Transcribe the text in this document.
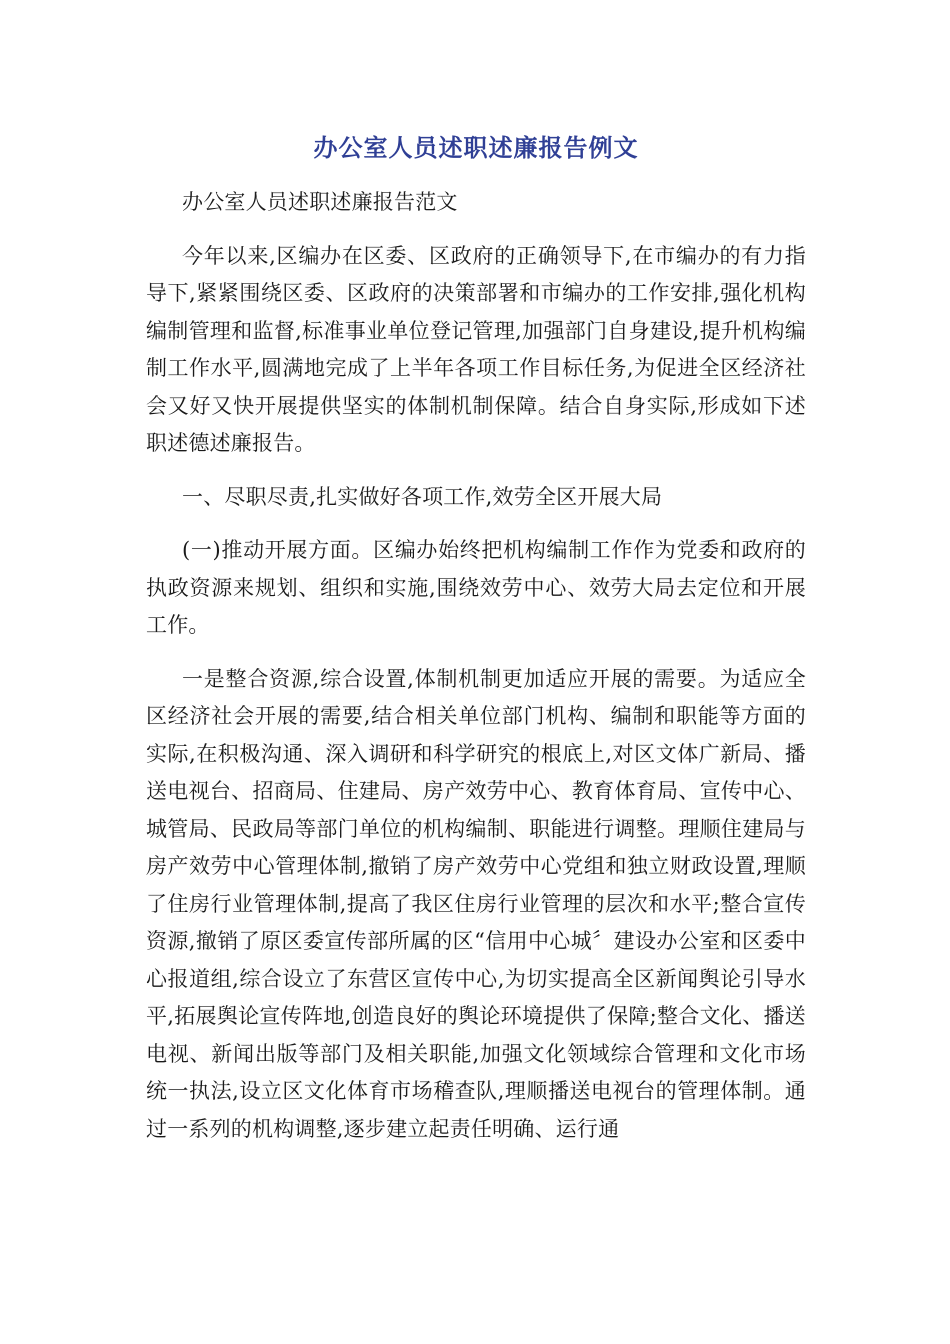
办公室人员述职述廉报告例文

办公室人员述职述廉报告范文

今年以来,区编办在区委、区政府的正确领导下,在市编办的有力指导下,紧紧围绕区委、区政府的决策部署和市编办的工作安排,强化机构编制管理和监督,标准事业单位登记管理,加强部门自身建设,提升机构编制工作水平,圆满地完成了上半年各项工作目标任务,为促进全区经济社会又好又快开展提供坚实的体制机制保障。结合自身实际,形成如下述职述德述廉报告。

一、尽职尽责,扎实做好各项工作,效劳全区开展大局

(一)推动开展方面。区编办始终把机构编制工作作为党委和政府的执政资源来规划、组织和实施,围绕效劳中心、效劳大局去定位和开展工作。

一是整合资源,综合设置,体制机制更加适应开展的需要。为适应全区经济社会开展的需要,结合相关单位部门机构、编制和职能等方面的实际,在积极沟通、深入调研和科学研究的根底上,对区文体广新局、播送电视台、招商局、住建局、房产效劳中心、教育体育局、宣传中心、城管局、民政局等部门单位的机构编制、职能进行调整。理顺住建局与房产效劳中心管理体制,撤销了房产效劳中心党组和独立财政设置,理顺了住房行业管理体制,提高了我区住房行业管理的层次和水平;整合宣传资源,撤销了原区委宣传部所属的区“信用中心城〞建设办公室和区委中心报道组,综合设立了东营区宣传中心,为切实提高全区新闻舆论引导水平,拓展舆论宣传阵地,创造良好的舆论环境提供了保障;整合文化、播送电视、新闻出版等部门及相关职能,加强文化领域综合管理和文化市场统一执法,设立区文化体育市场稽查队,理顺播送电视台的管理体制。通过一系列的机构调整,逐步建立起责任明确、运行通
